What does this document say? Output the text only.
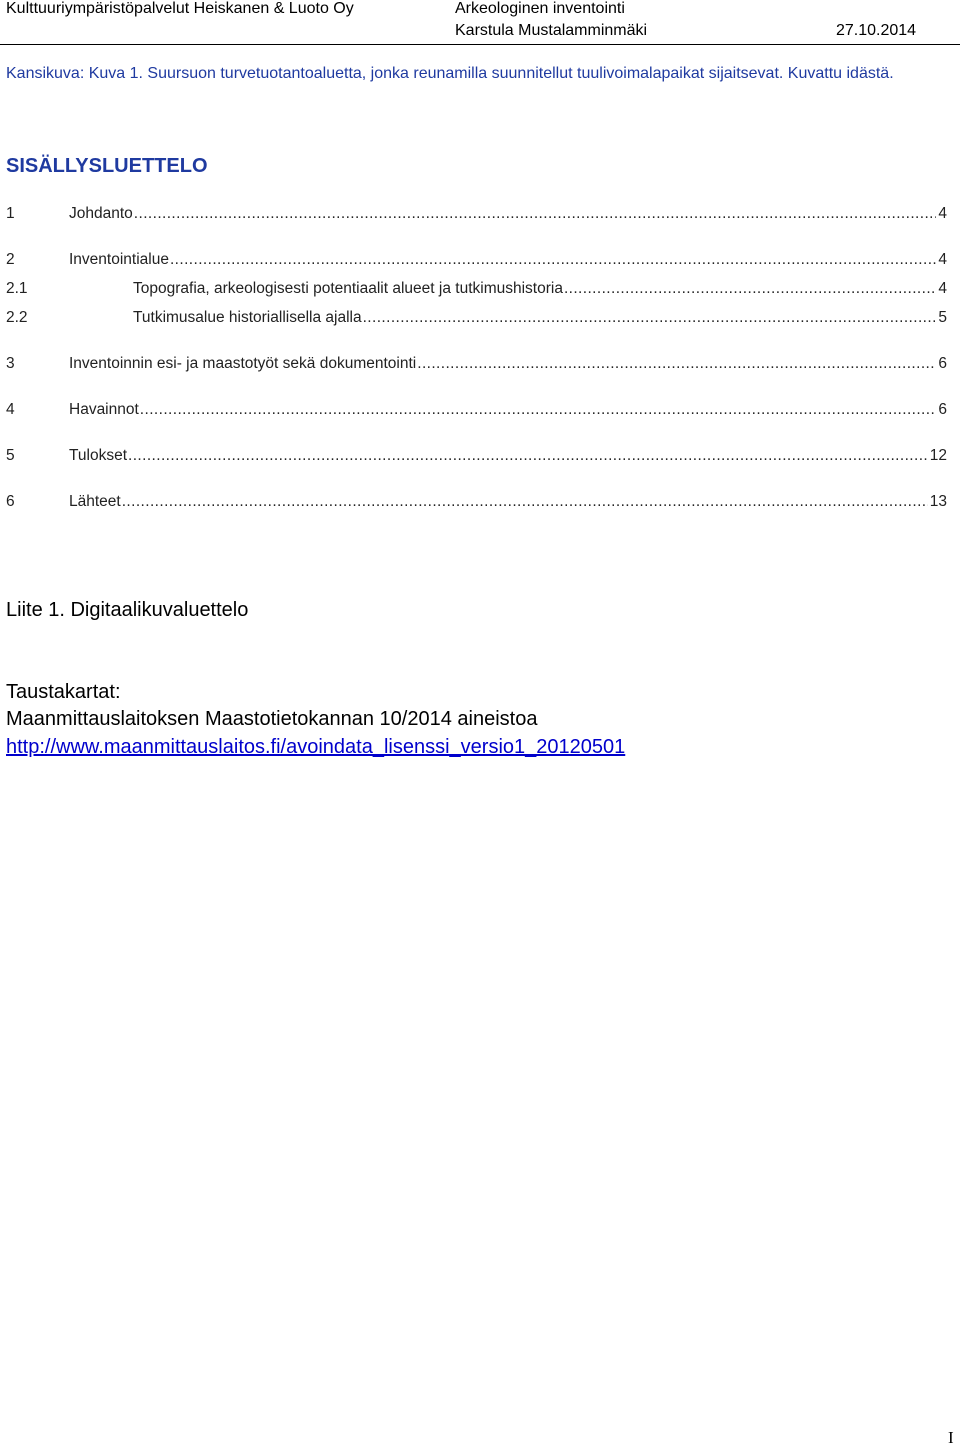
Kulttuuriympäristöpalvelut Heiskanen & Luoto Oy	Arkeologinen inventointi
Karstula Mustalamminmäki	27.10.2014
Kansikuva: Kuva 1. Suursuon turvetuotantoaluetta, jonka reunamilla suunnitellut tuulivoimalapaikat sijaitsevat. Kuvattu idästä.
SISÄLLYSLUETTELO
1	Johdanto .....	4
2	Inventointialue .....	4
2.1	Topografia, arkeologisesti potentiaalit alueet ja tutkimushistoria .....	4
2.2	Tutkimusalue historiallisella ajalla .....	5
3	Inventoinnin esi- ja maastotyöt sekä dokumentointi .....	6
4	Havainnot .....	6
5	Tulokset .....	12
6	Lähteet .....	13
Liite 1. Digitaalikuvaluettelo
Taustakartat:
Maanmittauslaitoksen Maastotietokannan 10/2014 aineistoa
http://www.maanmittauslaitos.fi/avoindata_lisenssi_versio1_20120501
I
